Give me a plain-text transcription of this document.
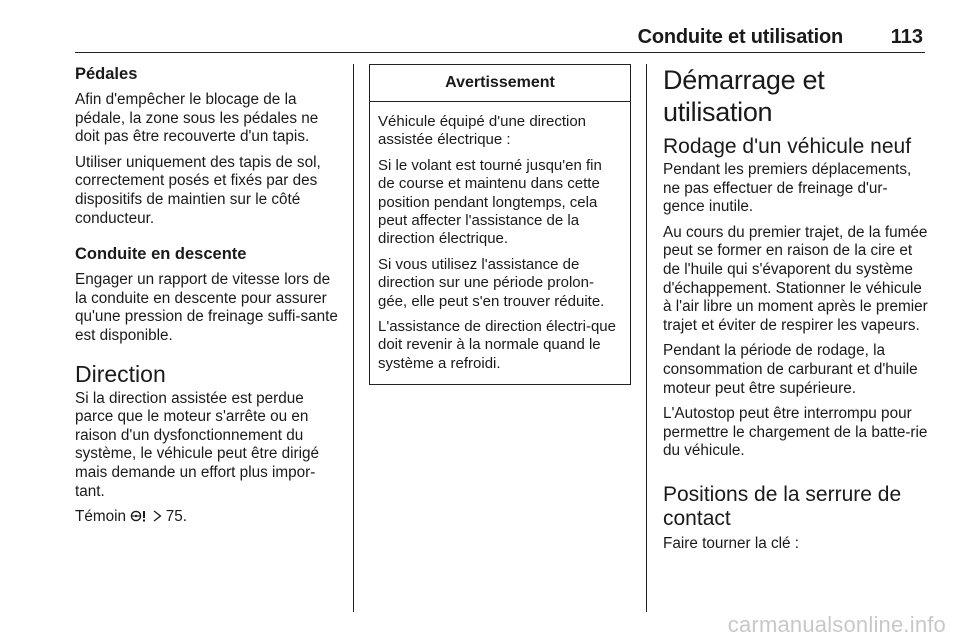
Conduite et utilisation 113
Pédales

Afin d'empêcher le blocage de la pédale, la zone sous les pédales ne doit pas être recouverte d'un tapis.

Utiliser uniquement des tapis de sol, correctement posés et fixés par des dispositifs de maintien sur le côté conducteur.

Conduite en descente

Engager un rapport de vitesse lors de la conduite en descente pour assurer qu'une pression de freinage suffi-sante est disponible.

Direction

Si la direction assistée est perdue parce que le moteur s'arrête ou en raison d'un dysfonctionnement du système, le véhicule peut être dirigé mais demande un effort plus impor-tant.

Témoin	75.

Avertissement

Véhicule équipé d'une direction assistée électrique :

Si le volant est tourné jusqu'en fin de course et maintenu dans cette position pendant longtemps, cela peut affecter l'assistance de la direction électrique.

Si vous utilisez l'assistance de direction sur une période prolon-gée, elle peut s'en trouver réduite.

L'assistance de direction électri-que doit revenir à la normale quand le système a refroidi.

Démarrage et utilisation
Rodage d'un véhicule neuf

Pendant les premiers déplacements, ne pas effectuer de freinage d'ur-gence inutile.

Au cours du premier trajet, de la fumée peut se former en raison de la cire et de l'huile qui s'évaporent du système d'échappement. Stationner le véhicule à l'air libre un moment après le premier trajet et éviter de respirer les vapeurs.

Pendant la période de rodage, la consommation de carburant et d'huile moteur peut être supérieure.

L'Autostop peut être interrompu pour permettre le chargement de la batte-rie du véhicule.

Positions de la serrure de contact

Faire tourner la clé :

carmanualsonline.info
